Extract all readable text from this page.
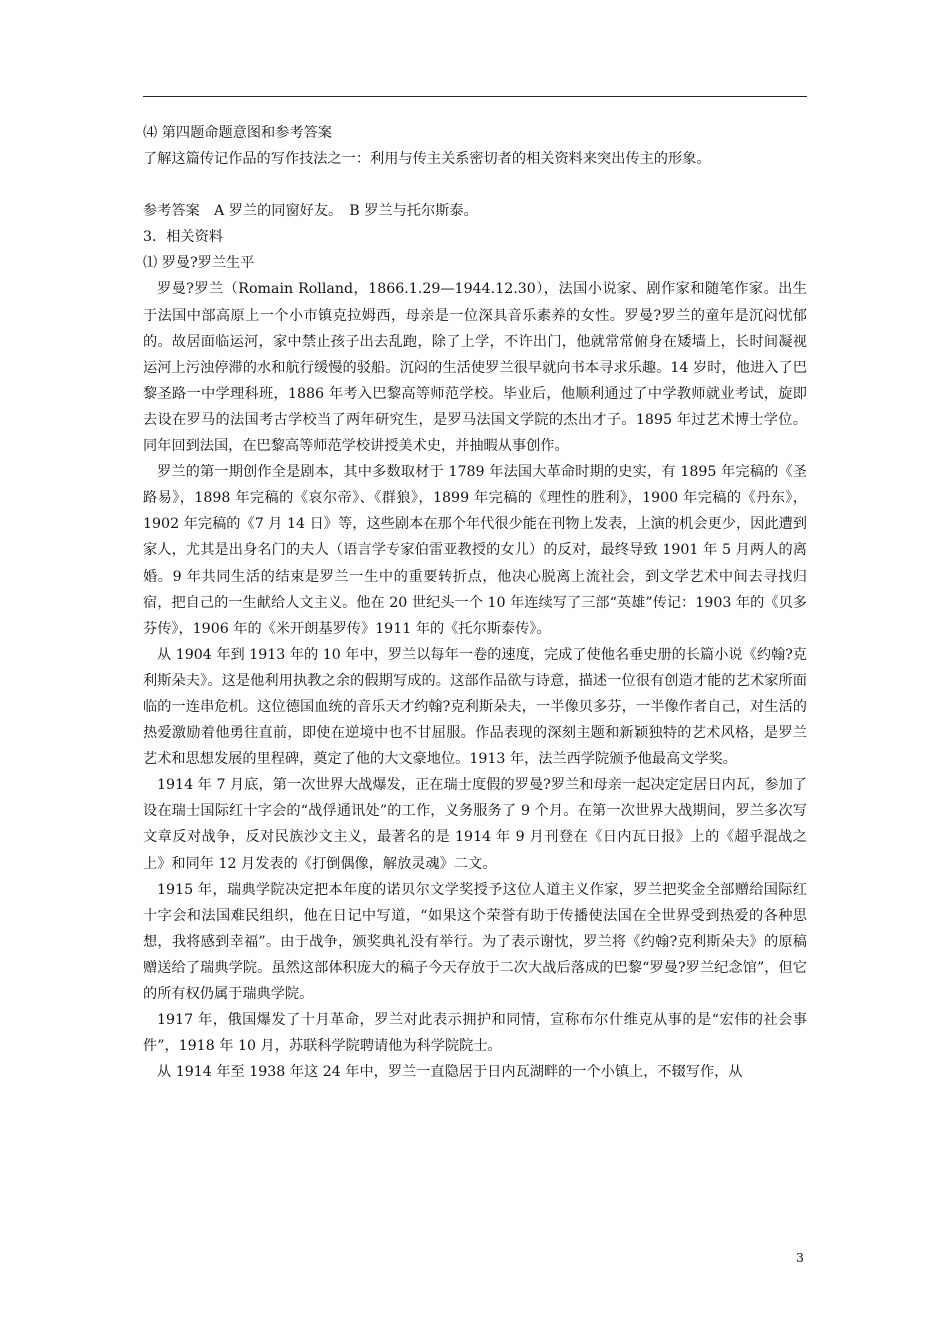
⑷ 第四题命题意图和参考答案

了解这篇传记作品的写作技法之一：利用与传主关系密切者的相关资料来突出传主的形象。

参考答案　A 罗兰的同窗好友。　B 罗兰与托尔斯泰。

3．相关资料

⑴ 罗曼?罗兰生平

罗曼?罗兰（Romain Rolland，1866.1.29—1944.12.30），法国小说家、剧作家和随笔作家。出生于法国中部高原上一个小市镇克拉姆西，母亲是一位深具音乐素养的女性。罗曼?罗兰的童年是沉闷忧郁的。故居面临运河，家中禁止孩子出去乱跑，除了上学，不许出门，他就常常俯身在矮墙上，长时间凝视运河上污浊停滞的水和航行缓慢的驳船。沉闷的生活使罗兰很早就向书本寻求乐趣。14 岁时，他进入了巴黎圣路一中学理科班，1886 年考入巴黎高等师范学校。毕业后，他顺利通过了中学教师就业考试，旋即去设在罗马的法国考古学校当了两年研究生，是罗马法国文学院的杰出才子。1895 年过艺术博士学位。同年回到法国，在巴黎高等师范学校讲授美术史，并抽暇从事创作。

罗兰的第一期创作全是剧本，其中多数取材于 1789 年法国大革命时期的史实，有 1895 年完稿的《圣路易》，1898 年完稿的《哀尔帝》、《群狼》，1899 年完稿的《理性的胜利》，1900 年完稿的《丹东》，1902 年完稿的《7 月 14 日》等，这些剧本在那个年代很少能在刊物上发表，上演的机会更少，因此遭到家人，尤其是出身名门的夫人（语言学专家伯雷亚教授的女儿）的反对，最终导致 1901 年 5 月两人的离婚。9 年共同生活的结束是罗兰一生中的重要转折点，他决心脱离上流社会，到文学艺术中间去寻找归宿，把自己的一生献给人文主义。他在 20 世纪头一个 10 年连续写了三部“英雄”传记：1903 年的《贝多芬传》，1906 年的《米开朗基罗传》1911 年的《托尔斯泰传》。

从 1904 年到 1913 年的 10 年中，罗兰以每年一卷的速度，完成了使他名垂史册的长篇小说《约翰?克利斯朵夫》。这是他利用执教之余的假期写成的。这部作品欲与诗意，描述一位很有创造才能的艺术家所面临的一连串危机。这位德国血统的音乐天才约翰?克利斯朵夫，一半像贝多芬，一半像作者自己，对生活的热爱激励着他勇往直前，即使在逆境中也不甘屈服。作品表现的深刻主题和新颖独特的艺术风格，是罗兰艺术和思想发展的里程碑，奠定了他的大文豪地位。1913 年，法兰西学院颁予他最高文学奖。

1914 年 7 月底，第一次世界大战爆发，正在瑞士度假的罗曼?罗兰和母亲一起决定定居日内瓦，参加了设在瑞士国际红十字会的“战俘通讯处”的工作，义务服务了 9 个月。在第一次世界大战期间，罗兰多次写文章反对战争，反对民族沙文主义，最著名的是 1914 年 9 月刊登在《日内瓦日报》上的《超乎混战之上》和同年 12 月发表的《打倒偶像，解放灵魂》二文。

1915 年，瑞典学院决定把本年度的诺贝尔文学奖授予这位人道主义作家，罗兰把奖金全部赠给国际红十字会和法国难民组织，他在日记中写道，“如果这个荣誉有助于传播使法国在全世界受到热爱的各种思想，我将感到幸福”。由于战争，颁奖典礼没有举行。为了表示谢忱，罗兰将《约翰?克利斯朵夫》的原稿赠送给了瑞典学院。虽然这部体积庞大的稿子今天存放于二次大战后落成的巴黎“罗曼?罗兰纪念馆”，但它的所有权仍属于瑞典学院。

1917 年，俄国爆发了十月革命，罗兰对此表示拥护和同情，宣称布尔什维克从事的是“宏伟的社会事件”，1918 年 10 月，苏联科学院聘请他为科学院院士。

从 1914 年至 1938 年这 24 年中，罗兰一直隐居于日内瓦湖畔的一个小镇上，不辍写作，从

3
